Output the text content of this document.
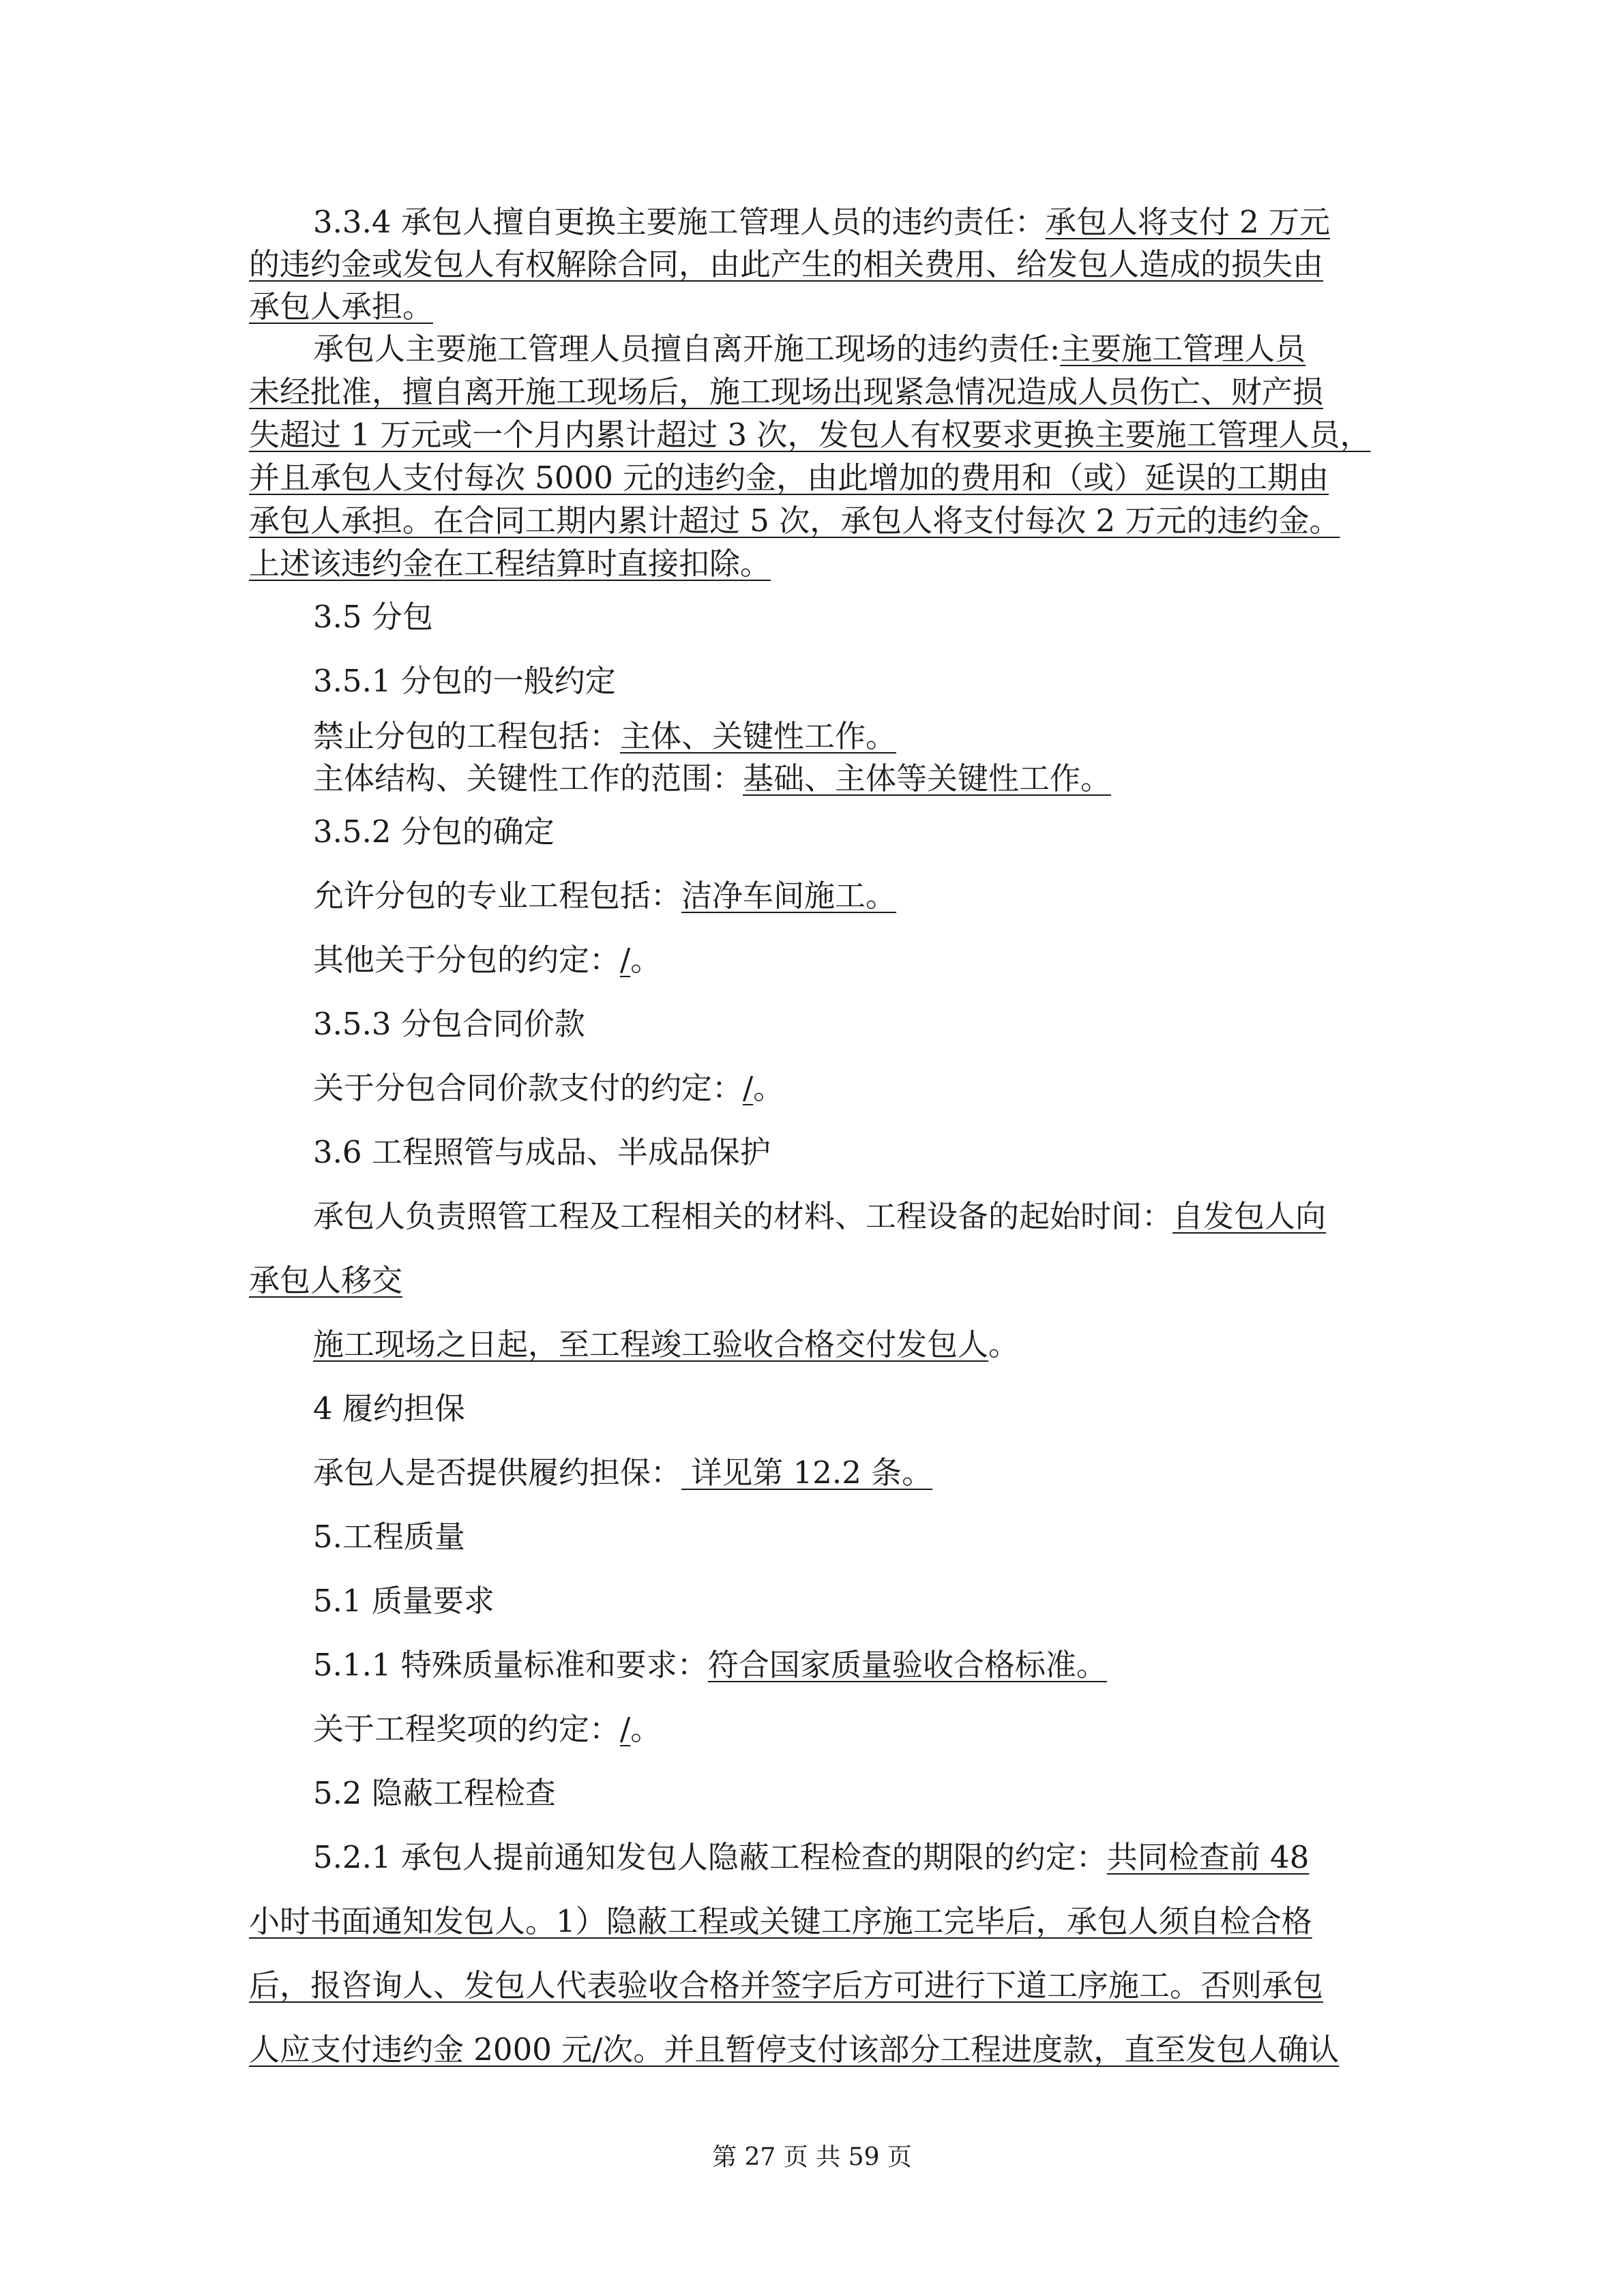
3.3.4 承包人擅自更换主要施工管理人员的违约责任：承包人将支付 2 万元
的违约金或发包人有权解除合同，由此产生的相关费用、给发包人造成的损失由
承包人承担。
承包人主要施工管理人员擅自离开施工现场的违约责任:主要施工管理人员
未经批准，擅自离开施工现场后，施工现场出现紧急情况造成人员伤亡、财产损
失超过 1 万元或一个月内累计超过 3 次，发包人有权要求更换主要施工管理人员，
并且承包人支付每次 5000 元的违约金，由此增加的费用和（或）延误的工期由
承包人承担。在合同工期内累计超过 5 次，承包人将支付每次 2 万元的违约金。
上述该违约金在工程结算时直接扣除。
3.5 分包
3.5.1 分包的一般约定
禁止分包的工程包括：主体、关键性工作。
主体结构、关键性工作的范围：基础、主体等关键性工作。
3.5.2 分包的确定
允许分包的专业工程包括：洁净车间施工。
其他关于分包的约定：/。
3.5.3 分包合同价款
关于分包合同价款支付的约定：/。
3.6 工程照管与成品、半成品保护
承包人负责照管工程及工程相关的材料、工程设备的起始时间：自发包人向
承包人移交
施工现场之日起，至工程竣工验收合格交付发包人。
4 履约担保
承包人是否提供履约担保： 详见第 12.2 条。
5.工程质量
5.1 质量要求
5.1.1 特殊质量标准和要求：符合国家质量验收合格标准。
关于工程奖项的约定：/。
5.2 隐蔽工程检查
5.2.1 承包人提前通知发包人隐蔽工程检查的期限的约定：共同检查前 48
小时书面通知发包人。1）隐蔽工程或关键工序施工完毕后，承包人须自检合格
后，报咨询人、发包人代表验收合格并签字后方可进行下道工序施工。否则承包
人应支付违约金 2000 元/次。并且暂停支付该部分工程进度款，直至发包人确认
第 27 页 共 59 页
